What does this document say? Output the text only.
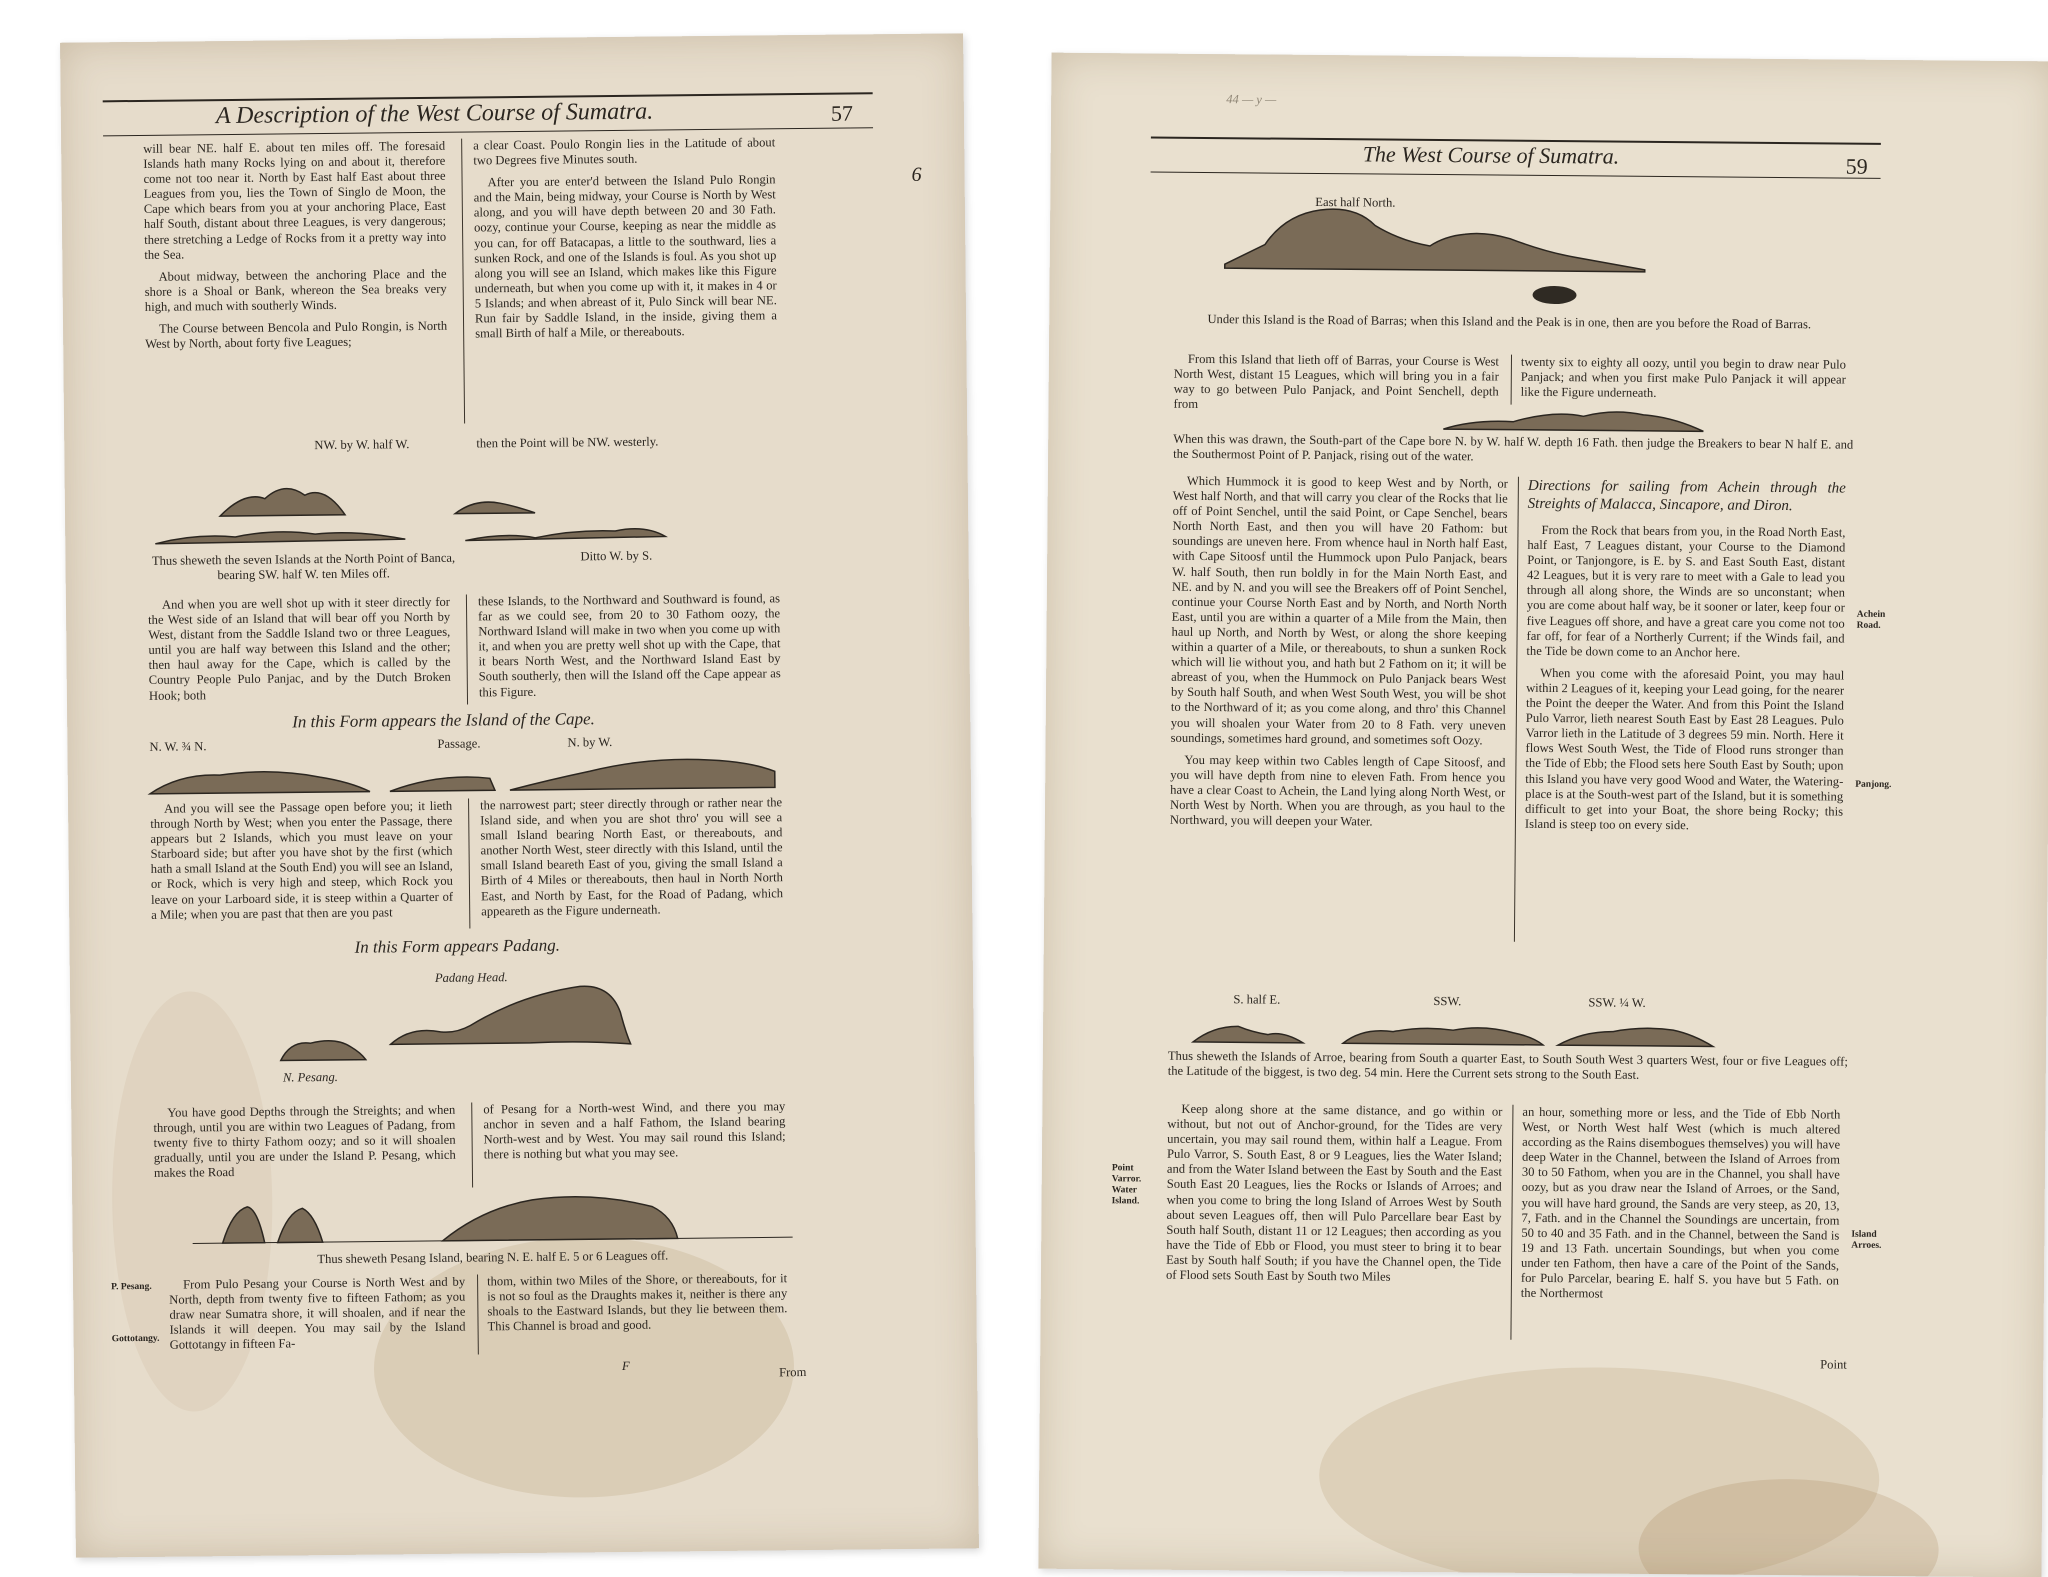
A Description of the West Course of Sumatra.	57
6

will bear NE. half E. about ten miles off. The foresaid Islands hath many Rocks lying on and about it, therefore come not too near it. North by East half East about three Leagues from you, lies the Town of Singlo de Moon, the Cape which bears from you at your anchoring Place, East half South, distant about three Leagues, is very dangerous; there stretching a Ledge of Rocks from it a pretty way into the Sea.

About midway, between the anchoring Place and the shore is a Shoal or Bank, whereon the Sea breaks very high, and much with southerly Winds.

The Course between Bencola and Pulo Rongin, is North West by North, about forty five Leagues;

a clear Coast. Poulo Rongin lies in the Latitude of about two Degrees five Minutes south.

After you are enter'd between the Island Pulo Rongin and the Main, being midway, your Course is North by West along, and you will have depth between 20 and 30 Fath. oozy, continue your Course, keeping as near the middle as you can, for off Batacapas, a little to the southward, lies a sunken Rock, and one of the Islands is foul. As you shot up along you will see an Island, which makes like this Figure underneath, but when you come up with it, it makes in 4 or 5 Islands; and when abreast of it, Pulo Sinck will bear NE. Run fair by Saddle Island, in the inside, giving them a small Birth of half a Mile, or thereabouts.

NW. by W. half W.	then the Point will be NW. westerly.
Thus sheweth the seven Islands at the North Point of Banca, bearing SW. half W. ten Miles off.
Ditto W. by S.

And when you are well shot up with it steer directly for the West side of an Island that will bear off you North by West, distant from the Saddle Island two or three Leagues, until you are half way between this Island and the other; then haul away for the Cape, which is called by the Country People Pulo Panjac, and by the Dutch Broken Hook; both

these Islands, to the Northward and Southward is found, as far as we could see, from 20 to 30 Fathom oozy, the Northward Island will make in two when you come up with it, and when you are pretty well shot up with the Cape, that it bears North West, and the Northward Island East by South southerly, then will the Island off the Cape appear as this Figure.

In this Form appears the Island of the Cape.
N. W. ¾ N.	Passage.	N. by W.

And you will see the Passage open before you; it lieth through North by West; when you enter the Passage, there appears but 2 Islands, which you must leave on your Starboard side; but after you have shot by the first (which hath a small Island at the South End) you will see an Island, or Rock, which is very high and steep, which Rock you leave on your Larboard side, it is steep within a Quarter of a Mile; when you are past that then are you past

the narrowest part; steer directly through or rather near the Island side, and when you are shot thro' you will see a small Island bearing North East, or thereabouts, and another North West, steer directly with this Island, until the small Island beareth East of you, giving the small Island a Birth of 4 Miles or thereabouts, then haul in North North East, and North by East, for the Road of Padang, which appeareth as the Figure underneath.

In this Form appears Padang.
Padang Head.
N. Pesang.

You have good Depths through the Streights; and when through, until you are within two Leagues of Padang, from twenty five to thirty Fathom oozy; and so it will shoalen gradually, until you are under the Island P. Pesang, which makes the Road

of Pesang for a North-west Wind, and there you may anchor in seven and a half Fathom, the Island bearing North-west and by West. You may sail round this Island; there is nothing but what you may see.

Thus sheweth Pesang Island, bearing N. E. half E. 5 or 6 Leagues off.
P. Pesang.
Gottotangy.

From Pulo Pesang your Course is North West and by North, depth from twenty five to fifteen Fathom; as you draw near Sumatra shore, it will shoalen, and if near the Islands it will deepen. You may sail by the Island Gottotangy in fifteen Fa-

thom, within two Miles of the Shore, or thereabouts, for it is not so foul as the Draughts makes it, neither is there any shoals to the Eastward Islands, but they lie between them. This Channel is broad and good.

F	From
44 — y —
The West Course of Sumatra.	59
East half North.
Under this Island is the Road of Barras; when this Island and the Peak is in one, then are you before the Road of Barras.

From this Island that lieth off of Barras, your Course is West North West, distant 15 Leagues, which will bring you in a fair way to go between Pulo Panjack, and Point Senchell, depth from

twenty six to eighty all oozy, until you begin to draw near Pulo Panjack; and when you first make Pulo Panjack it will appear like the Figure underneath.

When this was drawn, the South-part of the Cape bore N. by W. half W. depth 16 Fath. then judge the Breakers to bear N half E. and the Southermost Point of P. Panjack, rising out of the water.

Which Hummock it is good to keep West and by North, or West half North, and that will carry you clear of the Rocks that lie off of Point Senchel, until the said Point, or Cape Senchel, bears North North East, and then you will have 20 Fathom: but soundings are uneven here. From whence haul in North half East, with Cape Sitoosf until the Hummock upon Pulo Panjack, bears W. half South, then run boldly in for the Main North East, and NE. and by N. and you will see the Breakers off of Point Senchel, continue your Course North East and by North, and North North East, until you are within a quarter of a Mile from the Main, then haul up North, and North by West, or along the shore keeping within a quarter of a Mile, or thereabouts, to shun a sunken Rock which will lie without you, and hath but 2 Fathom on it; it will be abreast of you, when the Hummock on Pulo Panjack bears West by South half South, and when West South West, you will be shot to the Northward of it; as you come along, and thro' this Channel you will shoalen your Water from 20 to 8 Fath. very uneven soundings, sometimes hard ground, and sometimes soft Oozy.

You may keep within two Cables length of Cape Sitoosf, and you will have depth from nine to eleven Fath. From hence you have a clear Coast to Achein, the Land lying along North West, or North West by North. When you are through, as you haul to the Northward, you will deepen your Water.

Directions for sailing from Achein through the Streights of Malacca, Sincapore, and Diron.

From the Rock that bears from you, in the Road North East, half East, 7 Leagues distant, your Course to the Diamond Point, or Tanjongore, is E. by S. and East South East, distant 42 Leagues, but it is very rare to meet with a Gale to lead you through all along shore, the Winds are so unconstant; when you are come about half way, be it sooner or later, keep four or five Leagues off shore, and have a great care you come not too far off, for fear of a Northerly Current; if the Winds fail, and the Tide be down come to an Anchor here.

When you come with the aforesaid Point, you may haul within 2 Leagues of it, keeping your Lead going, for the nearer the Point the deeper the Water. And from this Point the Island Pulo Varror, lieth nearest South East by East 28 Leagues. Pulo Varror lieth in the Latitude of 3 degrees 59 min. North. Here it flows West South West, the Tide of Flood runs stronger than the Tide of Ebb; the Flood sets here South East by South; upon this Island you have very good Wood and Water, the Watering-place is at the South-west part of the Island, but it is something difficult to get into your Boat, the shore being Rocky; this Island is steep too on every side.

Achein Road.
Panjong.
S. half E.	SSW.	SSW. ¼ W.
Thus sheweth the Islands of Arroe, bearing from South a quarter East, to South South West 3 quarters West, four or five Leagues off; the Latitude of the biggest, is two deg. 54 min. Here the Current sets strong to the South East.
Point Varror. Water Island.

Keep along shore at the same distance, and go within or without, but not out of Anchor-ground, for the Tides are very uncertain, you may sail round them, within half a League. From Pulo Varror, S. South East, 8 or 9 Leagues, lies the Water Island; and from the Water Island between the East by South and the East South East 20 Leagues, lies the Rocks or Islands of Arroes; and when you come to bring the long Island of Arroes West by South about seven Leagues off, then will Pulo Parcellare bear East by South half South, distant 11 or 12 Leagues; then according as you have the Tide of Ebb or Flood, you must steer to bring it to bear East by South half South; if you have the Channel open, the Tide of Flood sets South East by South two Miles

an hour, something more or less, and the Tide of Ebb North West, or North West half West (which is much altered according as the Rains disembogues themselves) you will have deep Water in the Channel, between the Island of Arroes from 30 to 50 Fathom, when you are in the Channel, you shall have oozy, but as you draw near the Island of Arroes, or the Sand, you will have hard ground, the Sands are very steep, as 20, 13, 7, Fath. and in the Channel the Soundings are uncertain, from 50 to 40 and 35 Fath. and in the Channel, between the Sand is 19 and 13 Fath. uncertain Soundings, but when you come under ten Fathom, then have a care of the Point of the Sands, for Pulo Parcelar, bearing E. half S. you have but 5 Fath. on the Northermost

Island Arroes.
Point
